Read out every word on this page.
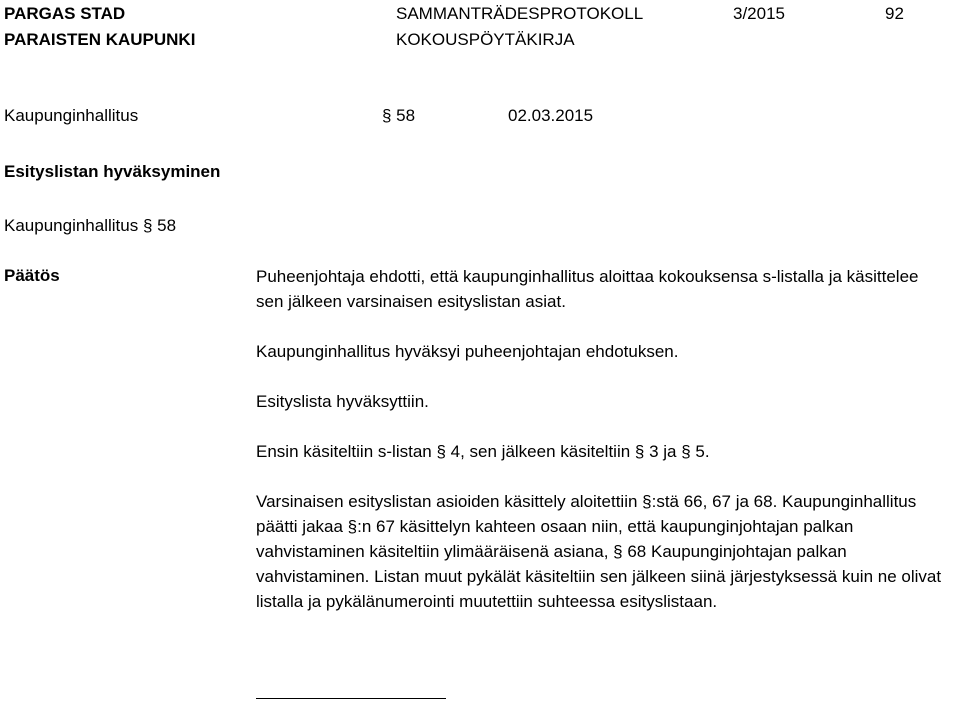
PARGAS STAD
PARAISTEN KAUPUNKI
SAMMANTRÄDESPROTOKOLL
KOKOUSPÖYTÄKIRJA
3/2015	92
Kaupunginhallitus	§ 58	02.03.2015
Esityslistan hyväksyminen
Kaupunginhallitus § 58
Päätös	Puheenjohtaja ehdotti, että kaupunginhallitus aloittaa kokouksensa s-listalla ja käsittelee sen jälkeen varsinaisen esityslistan asiat.

Kaupunginhallitus hyväksyi puheenjohtajan ehdotuksen.

Esityslista hyväksyttiin.

Ensin käsiteltiin s-listan § 4, sen jälkeen käsiteltiin § 3 ja § 5.

Varsinaisen esityslistan asioiden käsittely aloitettiin §:stä 66, 67 ja 68. Kaupunginhallitus päätti jakaa §:n 67 käsittelyn kahteen osaan niin, että kaupunginjohtajan palkan vahvistaminen käsiteltiin ylimääräisenä asiana, § 68 Kaupunginjohtajan palkan vahvistaminen. Listan muut pykälät käsiteltiin sen jälkeen siinä järjestyksessä kuin ne olivat listalla ja pykälänumerointi muutettiin suhteessa esityslistaan.
